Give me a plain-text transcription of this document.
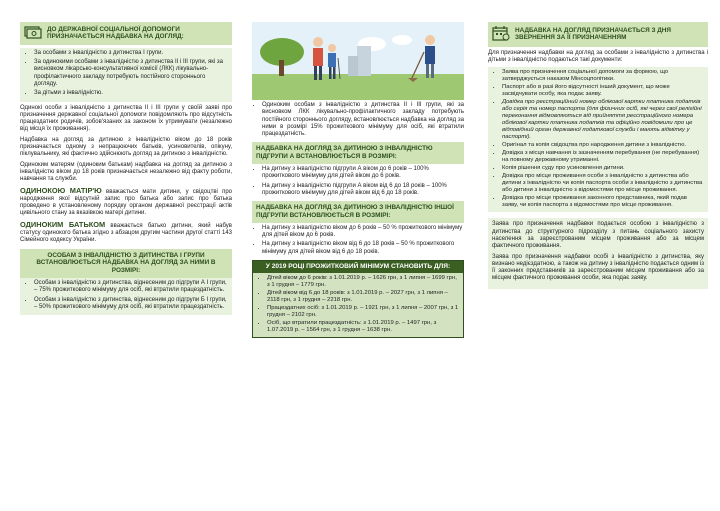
ДО ДЕРЖАВНОЇ СОЦІАЛЬНОЇ ДОПОМОГИ ПРИЗНАЧАЄТЬСЯ НАДБАВКА НА ДОГЛЯД:
• За особами з інвалідністю з дитинства I групи.
• За одинокими особами з інвалідністю з дитинства II і III групи, які за висновком лікарсько-консультативної комісії (ЛКК) лікувально-профілактичного закладу потребують постійного стороннього догляду.
• За дітьми з інвалідністю.

Одинокі особи з інвалідністю з дитинства II і III групи у своїй заяві про призначення державної соціальної допомоги повідомляють про відсутність працездатних родичів, зобов'язаних за законом їх утримувати (незалежно від місця їх проживання).

Надбавка на догляд за дитиною з інвалідністю віком до 18 років призначається одному з непрацюючих батьків, усиновителів, опікуну, піклувальнику, які фактично здійснюють догляд за дитиною з інвалідністю.

Одиноким матерям (одиноким батькам) надбавка на догляд за дитиною з інвалідністю віком до 18 років призначається незалежно від факту роботи, навчання та служби.

ОДИНОКОЮ МАТІР'Ю вважається мати дитини, у свідоцтві про народження якої відсутній запис про батька або запис про батька проведено в установленому порядку органом державної реєстрації актів цивільного стану за вказівкою матері дитини.

ОДИНОКИМ БАТЬКОМ вважається батько дитини, який набув статусу одинокого батька згідно з абзацом другим частини другої статті 143 Сімейного кодексу України.

ОСОБАМ З ІНВАЛІДНІСТЮ З ДИТИНСТВА I ГРУПИ ВСТАНОВЛЮЄТЬСЯ НАДБАВКА НА ДОГЛЯД ЗА НИМИ В РОЗМІРІ:
• Особам з інвалідністю з дитинства, віднесеним до підгрупи А I групи, – 75% прожиткового мінімуму для осіб, які втратили працездатність.
• Особам з інвалідністю з дитинства, віднесеним до підгрупи Б I групи, – 50% прожиткового мінімуму для осіб, які втратили працездатність.
• Одиноким особам з інвалідністю з дитинства II і III групи, які за висновком ЛКК лікувально-профілактичного закладу потребують постійного стороннього догляду, встановлюється надбавка на догляд за ними в розмірі 15% прожиткового мінімуму для осіб, які втратили працездатність.
НАДБАВКА НА ДОГЛЯД ЗА ДИТИНОЮ З ІНВАЛІДНІСТЮ ПІДГРУПИ А ВСТАНОВЛЮЄТЬСЯ В РОЗМІРІ:
• На дитину з інвалідністю підгрупи А віком до 6 років – 100% прожиткового мінімуму для дітей віком до 6 років.
• На дитину з інвалідністю підгрупи А віком від 6 до 18 років – 100% прожиткового мінімуму для дітей віком від 6 до 18 років.
НАДБАВКА НА ДОГЛЯД ЗА ДИТИНОЮ З ІНВАЛІДНІСТЮ ІНШОЇ ПІДГРУПИ ВСТАНОВЛЮЄТЬСЯ В РОЗМІРІ:
• На дитину з інвалідністю віком до 6 років – 50 % прожиткового мінімуму для дітей віком до 6 років.
• На дитину з інвалідністю віком від 6 до 18 років – 50 % прожиткового мінімуму для дітей віком від 6 до 18 років.
У 2019 РОЦІ ПРОЖИТКОВИЙ МІНІМУМ СТАНОВИТЬ ДЛЯ:
• Дітей віком до 6 років: з 1.01.2019 р. – 1626 грн, з 1 липня – 1699 грн, з 1 грудня – 1779 грн.
• Дітей віком від 6 до 18 років: з 1.01.2019 р. – 2027 грн, з 1 липня – 2118 грн, з 1 грудня – 2218 грн.
• Працездатних осіб: з 1.01.2019 р. – 1921 грн, з 1 липня – 2007 грн, з 1 грудня – 2102 грн.
• Осіб, що втратили працездатність: з 1.01.2019 р. – 1497 грн, з 1.07.2019 р. – 1564 грн, з 1 грудня – 1638 грн.
НАДБАВКА НА ДОГЛЯД ПРИЗНАЧАЄТЬСЯ З ДНЯ ЗВЕРНЕННЯ ЗА ЇЇ ПРИЗНАЧЕННЯМ

Для призначення надбавки на догляд за особами з інвалідністю з дитинства і дітьми з інвалідністю подаються такі документи:

• Заява про призначення соціальної допомоги за формою, що затверджується наказом Мінсоцполітики.
• Паспорт або в разі його відсутності інший документ, що може засвідчувати особу, яка подає заяву.
• Довідка про реєстраційний номер облікової картки платника податків або серія та номер паспорта (для фізичних осіб, які через свої релігійні переконання відмовляються від прийняття реєстраційного номера облікової картки платника податків та офіційно повідомили про це відповідний орган державної податкової служби і мають відмітку у паспорті).
• Оригінал та копія свідоцтва про народження дитини з інвалідністю.
• Довідка з місця навчання із зазначенням перебування (не перебування) на повному державному утриманні.
• Копія рішення суду про усиновлення дитини.
• Довідка про місце проживання особи з інвалідністю з дитинства або дитини з інвалідністю чи копія паспорта особи з інвалідністю з дитинства або дитини з інвалідністю з відомостями про місце проживання.
• Довідка про місце проживання законного представника, який подав заяву, чи копія паспорта з відомостями про місце проживання.

Заява про призначення надбавки подається особою з інвалідністю з дитинства до структурного підрозділу з питань соціального захисту населення за зареєстрованим місцем проживання або за місцем фактичного проживання.

Заява про призначення надбавки особі з інвалідністю з дитинства, яку визнано недієздатною, а також на дитину з інвалідністю подається одним із її законних представників за зареєстрованим місцем проживання або за місцем фактичного проживання особи, яка подає заяву.
